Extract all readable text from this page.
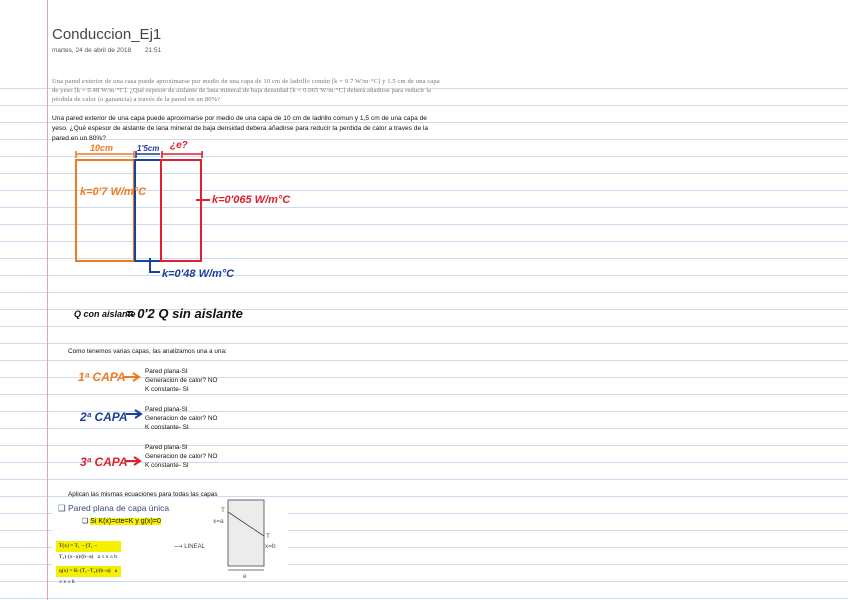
Conduccion_Ej1
martes, 24 de abril de 2018 21:51
Una pared exterior de una casa puede aproximarse por medio de una capa de 10 cm de ladrillo común [k = 0.7 W/m·°C] y 1.5 cm de una capa de yeso [k = 0.48 W/m·°C]. ¿Qué espesor de aislante de lana mineral de baja densidad [k = 0.065 W/m·°C] deberá añadirse para reducir la pérdida de calor (o ganancia) a través de la pared en un 80%?
Una pared exterior de una capa puede aproximarse por medio de una capa de 10 cm de ladrillo comun y 1,5 cm de una capa de yeso. ¿Qué espesor de aislante de lana mineral de baja densidad debera añadirse para reducir la perdida de calor a traves de la pared en un 80%?
10cm	1'5cm ¿e?
k=0'7 W/m°C
k=0'065 W/m°C
k=0'48 W/m°C
Q con aislante
= 0'2 Q sin aislante
1ª CAPA
2ª CAPA
3ª CAPA
Como tenemos varias capas, las analizamos una a una:
Pared plana-SI
Generacion de calor? NO
K constante- SI
Pared plana-SI
Generacion de calor? NO
K constante- SI
Pared plana-SI
Generacion de calor? NO
K constante- SI
Aplican las mismas ecuaciones para todas las capas
❑ Pared plana de capa única
❑ Si K(x)=cte=K y g(x)=0
T(x) = T₁ − (T₁ − T₂)·(x−a)/(b−a)   a ≤ x ≤ b
⟶ LINEAL
q(x) = K·(T₁−T₂)/(b−a)   a ≤ x ≤ b
T
x=a
T
x=b
e
